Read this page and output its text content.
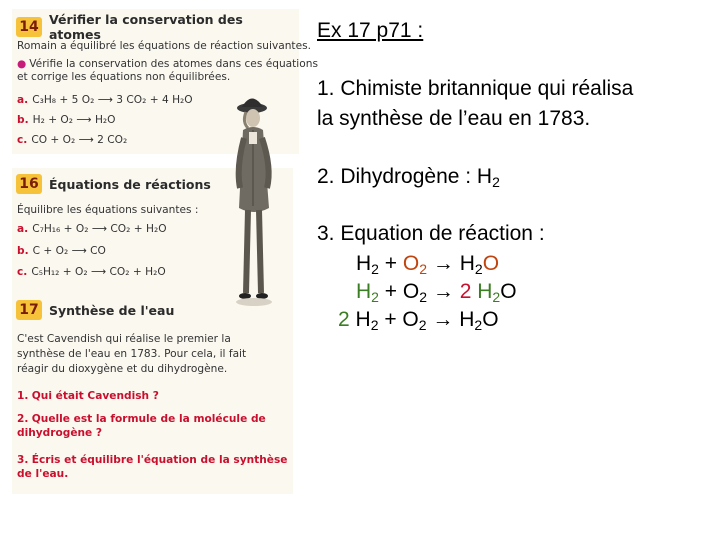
14 Vérifier la conservation des atomes
Romain a équilibré les équations de réaction suivantes.
● Vérifie la conservation des atomes dans ces équations
et corrige les équations non équilibrées.
a. C₃H₈ + 5 O₂ ⟶ 3 CO₂ + 4 H₂O
b. H₂ + O₂ ⟶ H₂O
c. CO + O₂ ⟶ 2 CO₂
16 Équations de réactions
Équilibre les équations suivantes :
a. C₇H₁₆ + O₂ ⟶ CO₂ + H₂O
b. C + O₂ ⟶ CO
c. C₅H₁₂ + O₂ ⟶ CO₂ + H₂O
17 Synthèse de l'eau
C'est Cavendish qui réalise le premier la
synthèse de l'eau en 1783. Pour cela, il fait
réagir du dioxygène et du dihydrogène.
1. Qui était Cavendish ?
2. Quelle est la formule de la molécule de
dihydrogène ?
3. Écris et équilibre l'équation de la synthèse
de l'eau.
Ex 17 p71 :
1. Chimiste britannique qui réalisa
la synthèse de l’eau en 1783.
2. Dihydrogène : $H_2$
3. Equation de réaction :
$H_2 + O_2 \to H_2O$
$H_2 + O_2 \to 2$ $H_2O$
2 $H_2 + O_2 \to H_2O$
